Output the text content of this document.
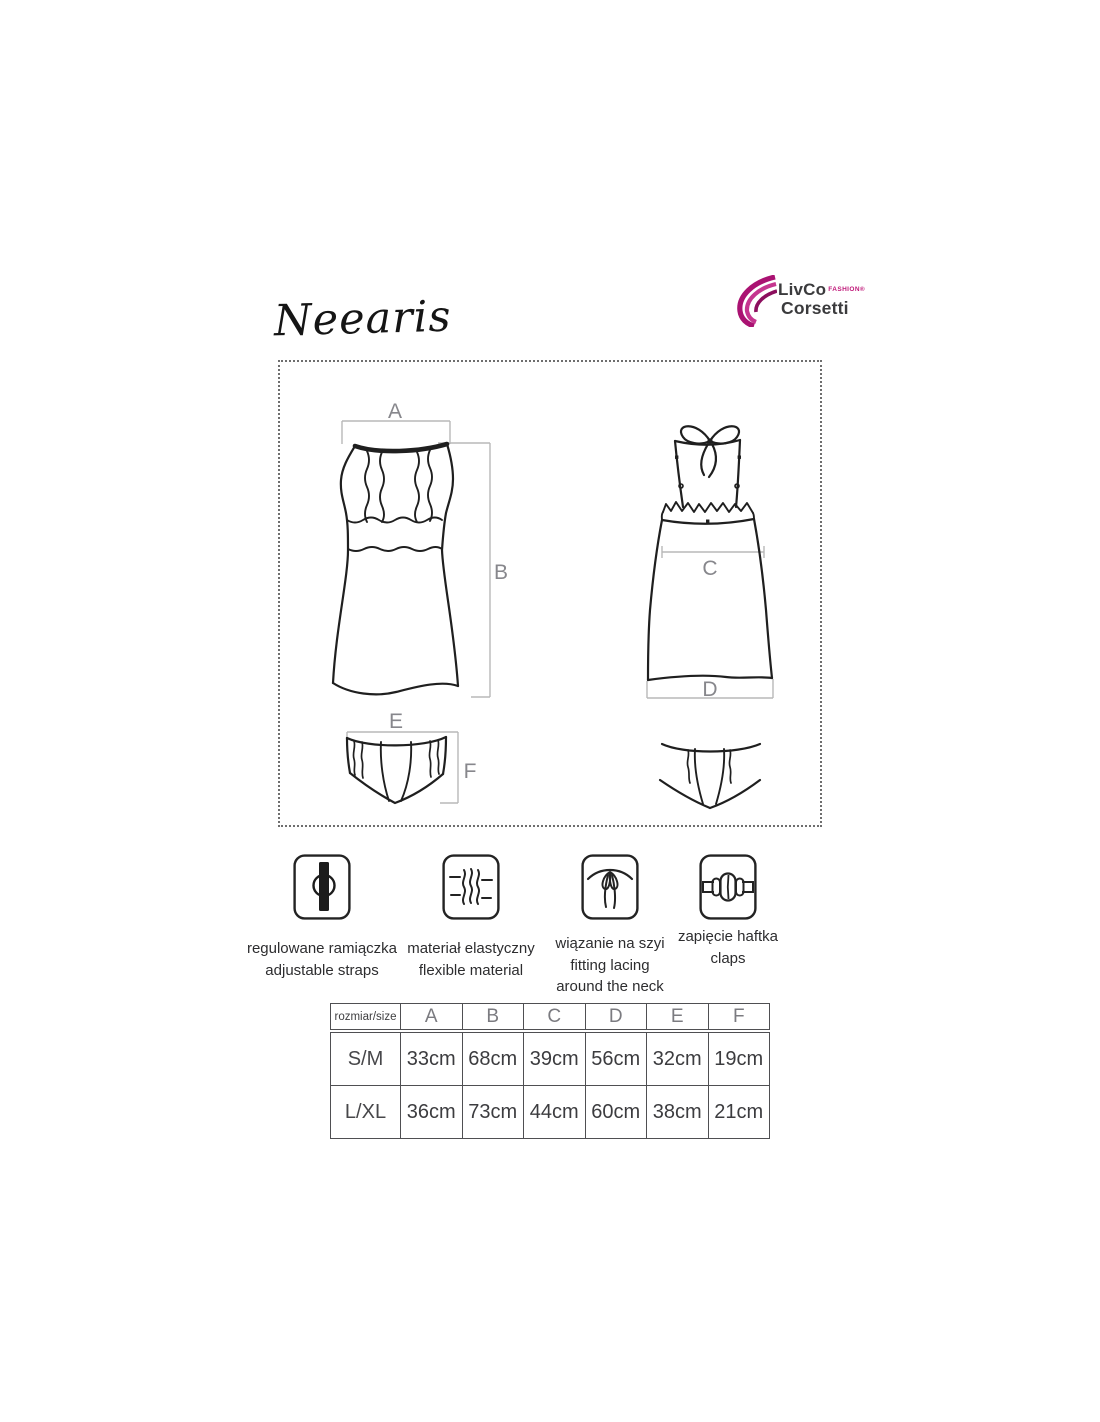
LivCo $^{FASHION®}$
Corsetti
Neearis
A
B	C
D
E
F
regulowane ramiączka
adjustable straps
materiał elastyczny
flexible material
wiązanie na szyi
fitting lacing
around the neck
zapięcie haftka
claps
rozmiar/size	A	B	C	D	E	F
S/M	33cm 68cm 39cm 56cm 32cm 19cm
L/XL	36cm 73cm 44cm 60cm 38cm 21cm
